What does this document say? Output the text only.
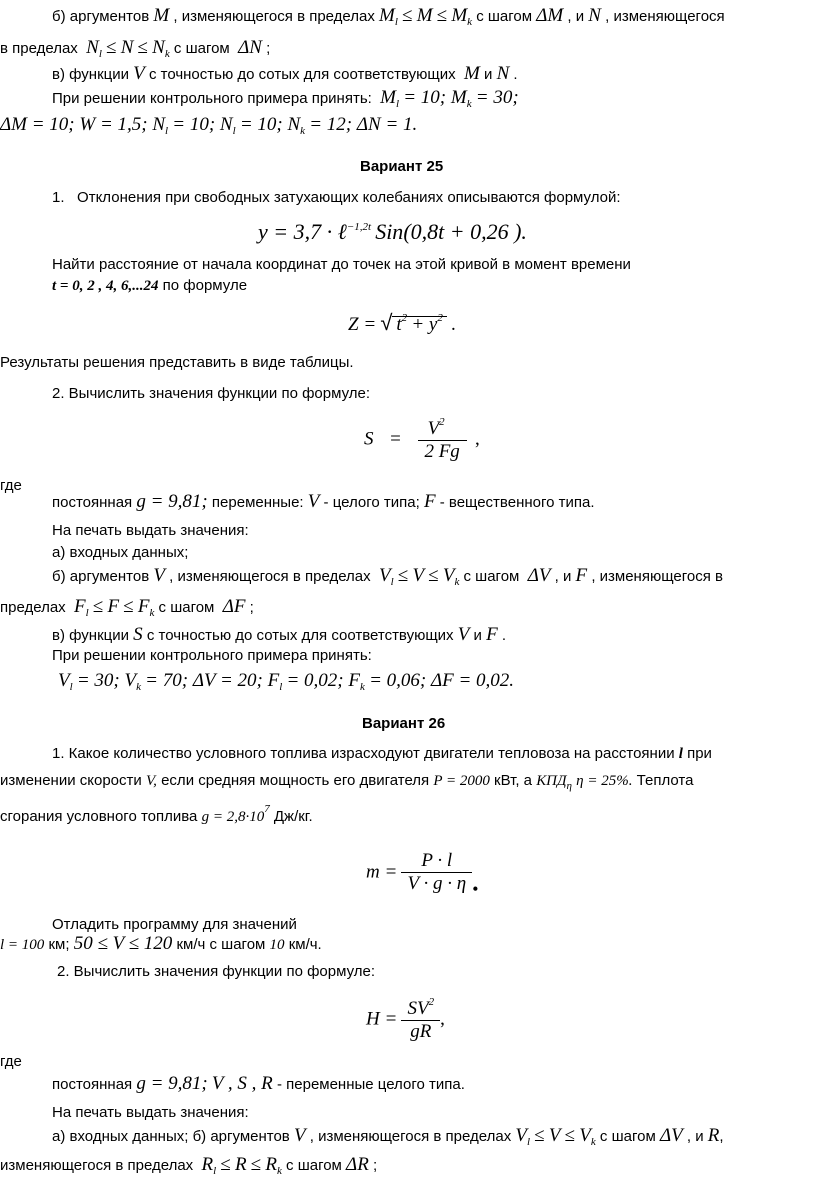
б) аргументов M , изменяющегося в пределах $M_l \le M \le M_k$ с шагом ΔM , и N , изменяющегося
в пределах $N_l \le N \le N_k$ с шагом ΔN ;
в) функции V с точностью до сотых для соответствующих M и N .
При решении контрольного примера принять: $M_l = 10$; $M_k = 30$;
ΔM = 10; W = 1,5; $N_l = 10$; $N_l = 10$; $N_k = 12$; ΔN = 1.
Вариант 25
1. Отклонения при свободных затухающих колебаниях описываются формулой:
y = 3,7 · ℓ$^{-1,2t}$ Sin(0,8t + 0,26 ).
Найти расстояние от начала координат до точек на этой кривой в момент времени
t = 0, 2 , 4, 6,...24 по формуле
Z = √ $t^2 + y^2$ .
Результаты решения представить в виде таблицы.
2. Вычислить значения функции по формуле:
$S = \frac{V^2}{2 Fg}$ ,
где
постоянная g = 9,81; переменные: V - целого типа; F - вещественного типа.
На печать выдать значения:
а) входных данных;
б) аргументов V , изменяющегося в пределах $V_l \le V \le V_k$ с шагом ΔV , и F , изменяющегося в
пределах $F_l \le F \le F_k$ с шагом ΔF ;
в) функции S с точностью до сотых для соответствующих V и F .
При решении контрольного примера принять:
$V_l = 30$; $V_k = 70$; ΔV = 20; $F_l = 0,02$; $F_k = 0,06$; ΔF = 0,02.
Вариант 26
1. Какое количество условного топлива израсходуют двигатели тепловоза на расстоянии l при
изменении скорости V, если средняя мощность его двигателя P = 2000 кВт, а $КПД_\eta$ η = 25%. Теплота
сгорания условного топлива $g = 2,8\cdot 10^7$ Дж/кг.
$m = \frac{P \cdot l}{V \cdot g \cdot \eta}$ .
Отладить программу для значений
l = 100 км; 50 ≤ V ≤ 120 км/ч с шагом 10 км/ч.
2. Вычислить значения функции по формуле:
$H = \frac{SV^2}{gR}$ ,
где
постоянная g = 9,81; V , S , R - переменные целого типа.
На печать выдать значения:
а) входных данных; б) аргументов V , изменяющегося в пределах $V_l \le V \le V_k$ с шагом ΔV , и R,
изменяющегося в пределах $R_l \le R \le R_k$ с шагом ΔR ;
